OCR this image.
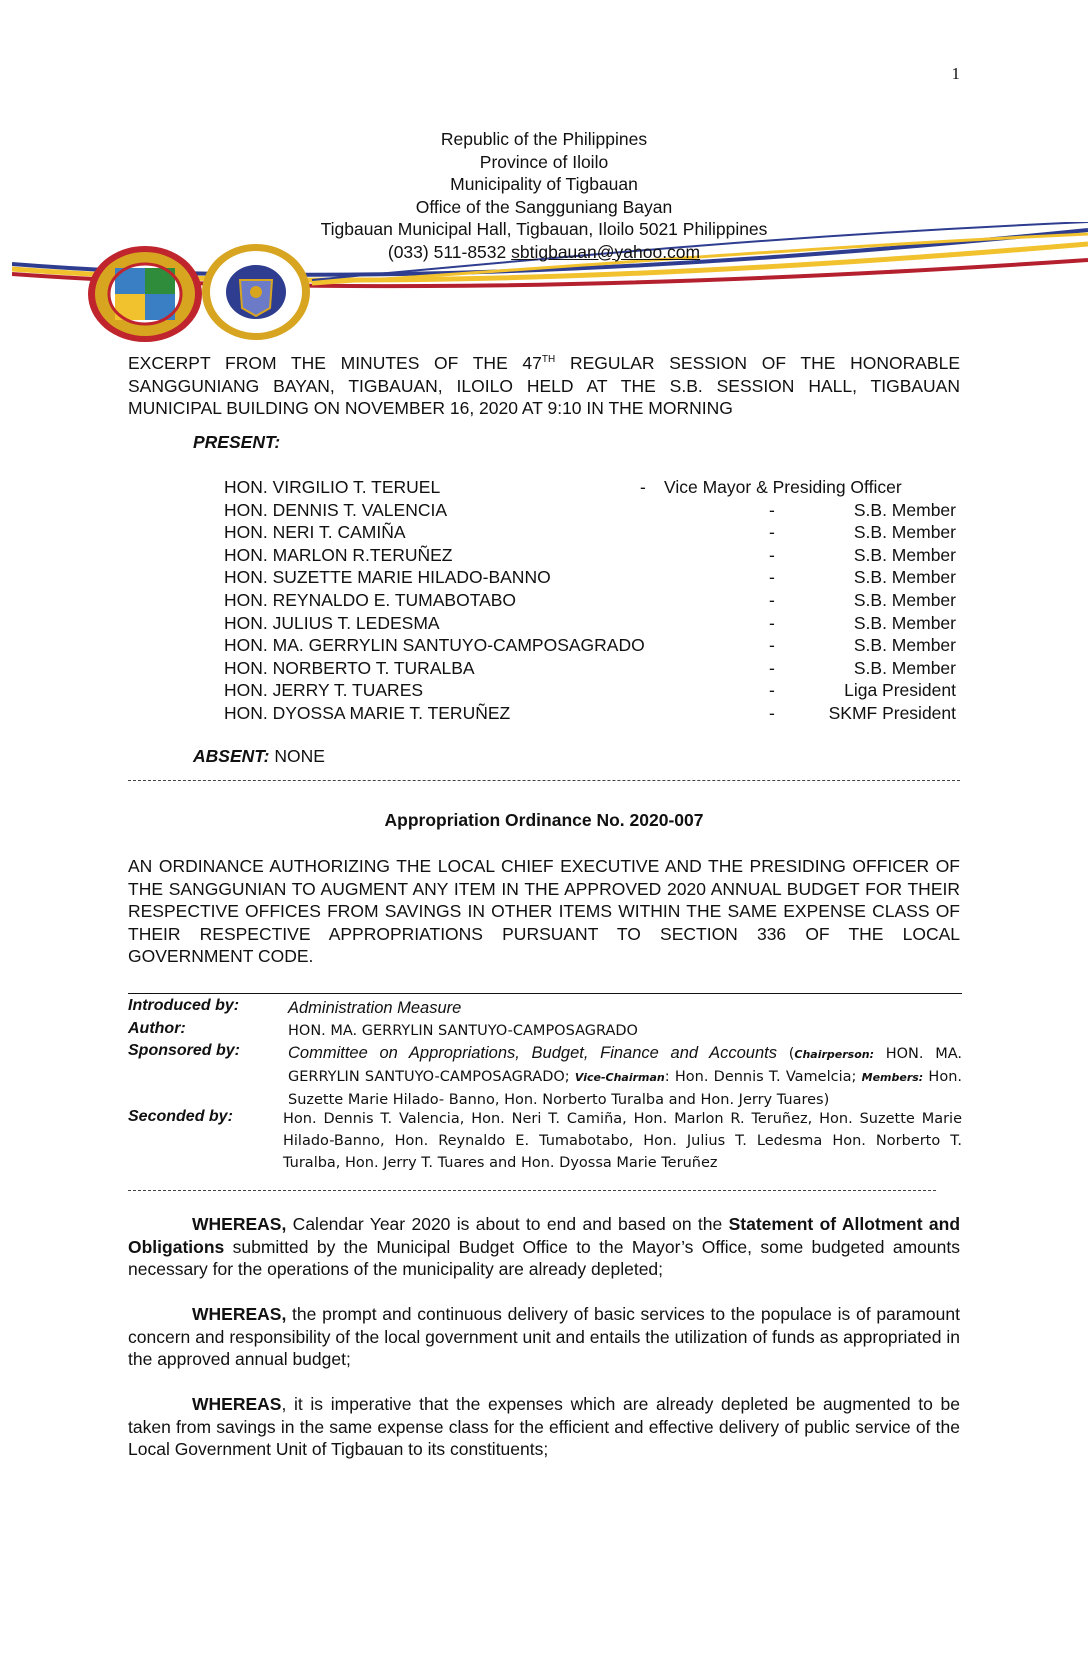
1
Republic of the Philippines
Province of Iloilo
Municipality of Tigbauan
Office of the Sangguniang Bayan
Tigbauan Municipal Hall, Tigbauan, Iloilo 5021 Philippines
(033) 511-8532 sbtigbauan@yahoo.com
EXCERPT FROM THE MINUTES OF THE 47TH REGULAR SESSION OF THE HONORABLE SANGGUNIANG BAYAN, TIGBAUAN, ILOILO HELD AT THE S.B. SESSION HALL, TIGBAUAN MUNICIPAL BUILDING ON NOVEMBER 16, 2020 AT 9:10 IN THE MORNING
PRESENT:
HON. VIRGILIO T. TERUEL	- Vice Mayor & Presiding Officer
HON. DENNIS T. VALENCIA	-	S.B. Member
HON. NERI T. CAMIÑA	-	S.B. Member
HON. MARLON R.TERUÑEZ	-	S.B. Member
HON. SUZETTE MARIE HILADO-BANNO	-	S.B. Member
HON. REYNALDO E. TUMABOTABO	-	S.B. Member
HON. JULIUS T. LEDESMA	-	S.B. Member
HON. MA. GERRYLIN SANTUYO-CAMPOSAGRADO	-	S.B. Member
HON. NORBERTO T. TURALBA	-	S.B. Member
HON. JERRY T. TUARES	-	Liga President
HON. DYOSSA MARIE T. TERUÑEZ	-	SKMF President
ABSENT: NONE
Appropriation Ordinance No. 2020-007
AN ORDINANCE AUTHORIZING THE LOCAL CHIEF EXECUTIVE AND THE PRESIDING OFFICER OF THE SANGGUNIAN TO AUGMENT ANY ITEM IN THE APPROVED 2020 ANNUAL BUDGET FOR THEIR RESPECTIVE OFFICES FROM SAVINGS IN OTHER ITEMS WITHIN THE SAME EXPENSE CLASS OF THEIR RESPECTIVE APPROPRIATIONS PURSUANT TO SECTION 336 OF THE LOCAL GOVERNMENT CODE.
Introduced by:	Administration Measure
Author:	HON. MA. GERRYLIN SANTUYO-CAMPOSAGRADO
Sponsored by:	Committee on Appropriations, Budget, Finance and Accounts (Chairperson: HON. MA. GERRYLIN SANTUYO-CAMPOSAGRADO; Vice-Chairman: Hon. Dennis T. Vamelcia; Members: Hon. Suzette Marie Hilado- Banno, Hon. Norberto Turalba and Hon. Jerry Tuares)
Seconded by:	Hon. Dennis T. Valencia, Hon. Neri T. Camiña, Hon. Marlon R. Teruñez, Hon. Suzette Marie Hilado-Banno, Hon. Reynaldo E. Tumabotabo, Hon. Julius T. Ledesma Hon. Norberto T. Turalba, Hon. Jerry T. Tuares and Hon. Dyossa Marie Teruñez
WHEREAS, Calendar Year 2020 is about to end and based on the Statement of Allotment and Obligations submitted by the Municipal Budget Office to the Mayor’s Office, some budgeted amounts necessary for the operations of the municipality are already depleted;
WHEREAS, the prompt and continuous delivery of basic services to the populace is of paramount concern and responsibility of the local government unit and entails the utilization of funds as appropriated in the approved annual budget;
WHEREAS, it is imperative that the expenses which are already depleted be augmented to be taken from savings in the same expense class for the efficient and effective delivery of public service of the Local Government Unit of Tigbauan to its constituents;
